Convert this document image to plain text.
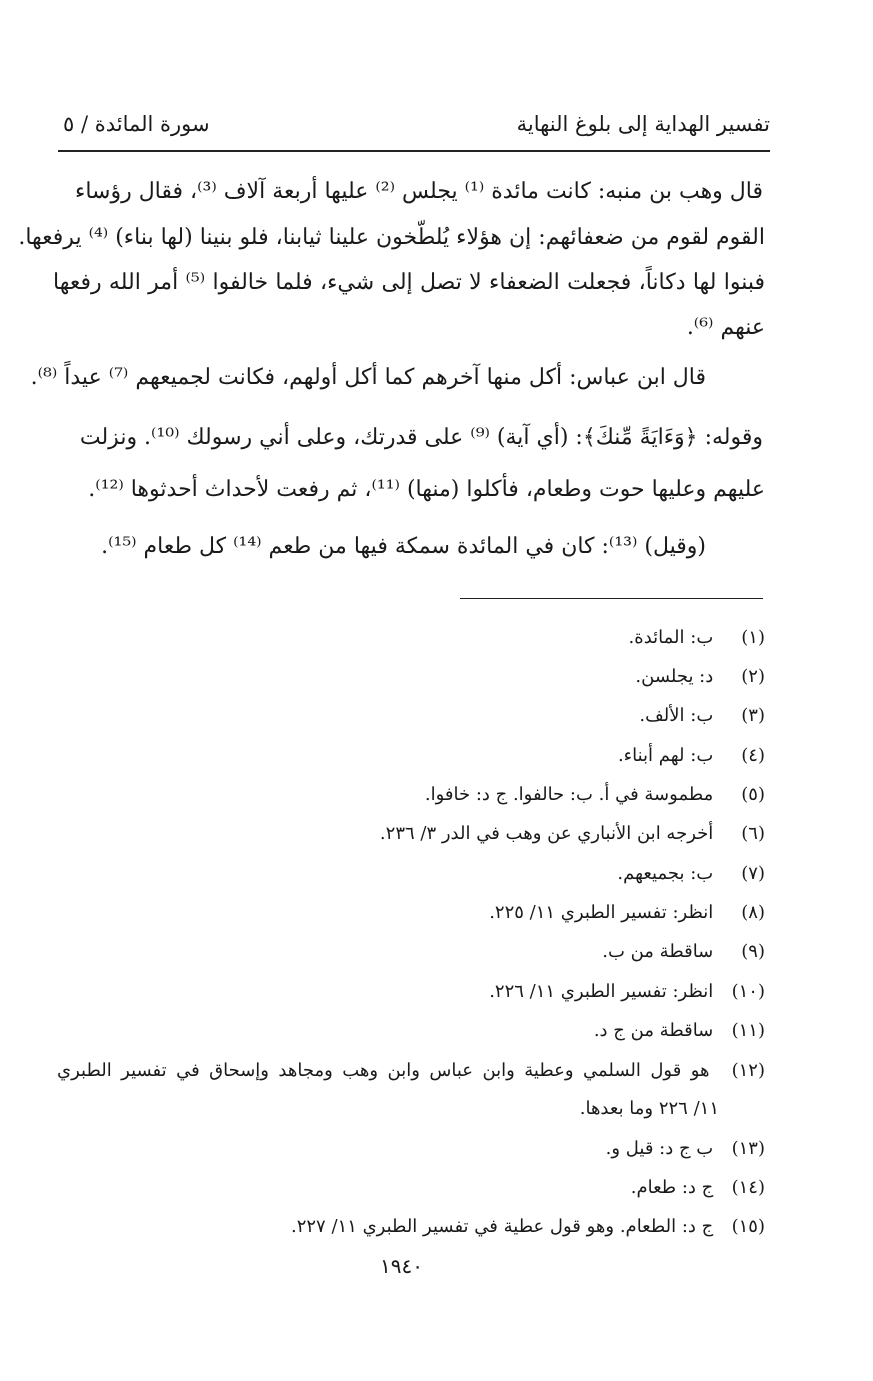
تفسير الهداية إلى بلوغ النهاية
سورة المائدة / ٥
قال وهب بن منبه: كانت مائدة ⁽¹⁾ يجلس ⁽²⁾ عليها أربعة آلاف ⁽³⁾، فقال رؤساء
القوم لقوم من ضعفائهم: إن هؤلاء يُلطّخون علينا ثيابنا، فلو بنينا (لها بناء) ⁽⁴⁾ يرفعها.
فبنوا لها دكاناً، فجعلت الضعفاء لا تصل إلى شيء، فلما خالفوا ⁽⁵⁾ أمر الله رفعها
عنهم ⁽⁶⁾.
قال ابن عباس: أكل منها آخرهم كما أكل أولهم، فكانت لجميعهم ⁽⁷⁾ عيداً ⁽⁸⁾.
وقوله: ﴿وَءَايَةً مِّنكَ﴾: (أي آية) ⁽⁹⁾ على قدرتك، وعلى أني رسولك ⁽¹⁰⁾. ونزلت
عليهم وعليها حوت وطعام، فأكلوا (منها) ⁽¹¹⁾، ثم رفعت لأحداث أحدثوها ⁽¹²⁾.
(وقيل) ⁽¹³⁾: كان في المائدة سمكة فيها من طعم ⁽¹⁴⁾ كل طعام ⁽¹⁵⁾.
(١) ب: المائدة.
(٢) د: يجلسن.
(٣) ب: الألف.
(٤) ب: لهم أبناء.
(٥) مطموسة في أ. ب: حالفوا. ج د: خافوا.
(٦) أخرجه ابن الأنباري عن وهب في الدر ٣/ ٢٣٦.
(٧) ب: بجميعهم.
(٨) انظر: تفسير الطبري ١١/ ٢٢٥.
(٩) ساقطة من ب.
(١٠) انظر: تفسير الطبري ١١/ ٢٢٦.
(١١) ساقطة من ج د.
(١٢) هو قول السلمي وعطية وابن عباس وابن وهب ومجاهد وإسحاق في تفسير الطبري
١١/ ٢٢٦ وما بعدها.
(١٣) ب ج د: قيل و.
(١٤) ج د: طعام.
(١٥) ج د: الطعام. وهو قول عطية في تفسير الطبري ١١/ ٢٢٧.
١٩٤٠
